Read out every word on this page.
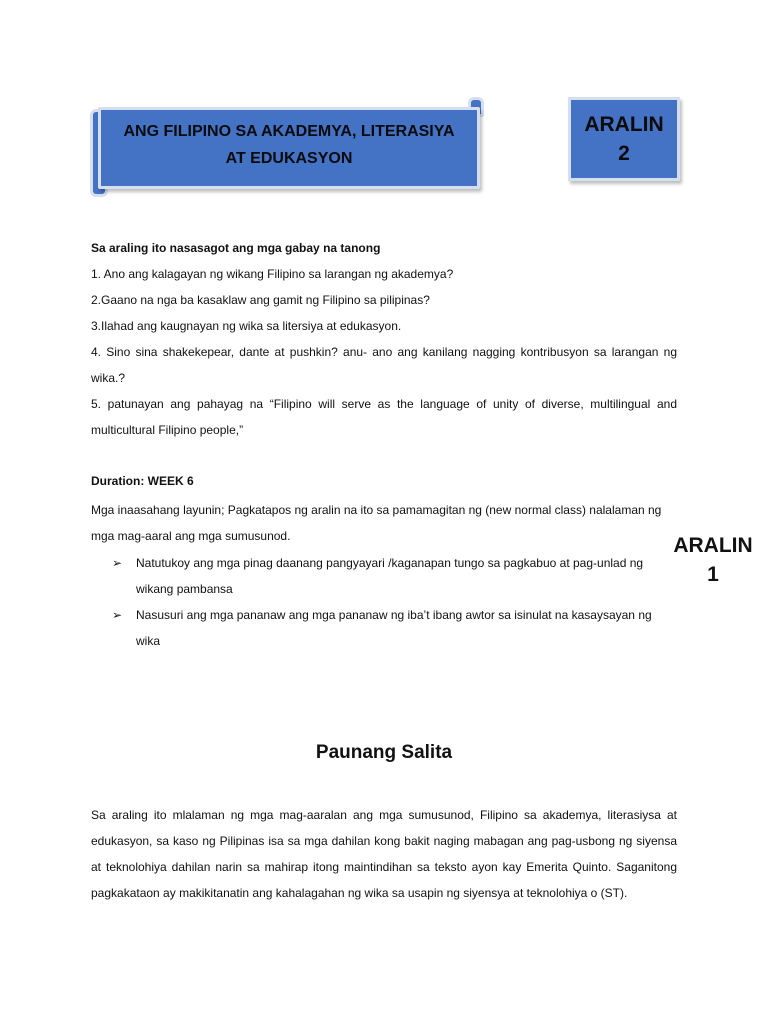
ANG FILIPINO SA AKADEMYA, LITERASIYA
AT EDUKASYON
ARALIN
2
Sa araling ito nasasagot ang mga gabay na tanong
1. Ano ang kalagayan ng wikang Filipino sa larangan ng akademya?
2.Gaano na nga ba kasaklaw ang gamit ng Filipino sa pilipinas?
3.Ilahad ang kaugnayan ng wika sa litersiya at edukasyon.
4. Sino sina shakekepear, dante at pushkin? anu- ano ang kanilang nagging kontribusyon sa larangan ng wika.?
5. patunayan ang pahayag na “Filipino will serve as the language of unity of diverse, multilingual and multicultural Filipino people,”
Duration: WEEK 6
Mga inaasahang layunin; Pagkatapos ng aralin na ito sa pamamagitan ng (new normal class) nalalaman ng mga mag-aaral ang mga sumusunod.
➢ Natutukoy ang mga pinag daanang pangyayari /kaganapan tungo sa pagkabuo at pag-unlad ng wikang pambansa
➢ Nasusuri ang mga pananaw ang mga pananaw ng iba’t ibang awtor sa isinulat na kasaysayan ng wika
ARALIN
1
Paunang Salita
Sa araling ito mlalaman ng mga mag-aaralan ang mga sumusunod, Filipino sa akademya, literasiysa at edukasyon, sa kaso ng Pilipinas isa sa mga dahilan kong bakit naging mabagan ang pag-usbong ng siyensa at teknolohiya dahilan narin sa mahirap itong maintindihan sa teksto ayon kay Emerita Quinto. Saganitong pagkakataon ay makikitanatin ang kahalagahan ng wika sa usapin ng siyensya at teknolohiya o (ST).
